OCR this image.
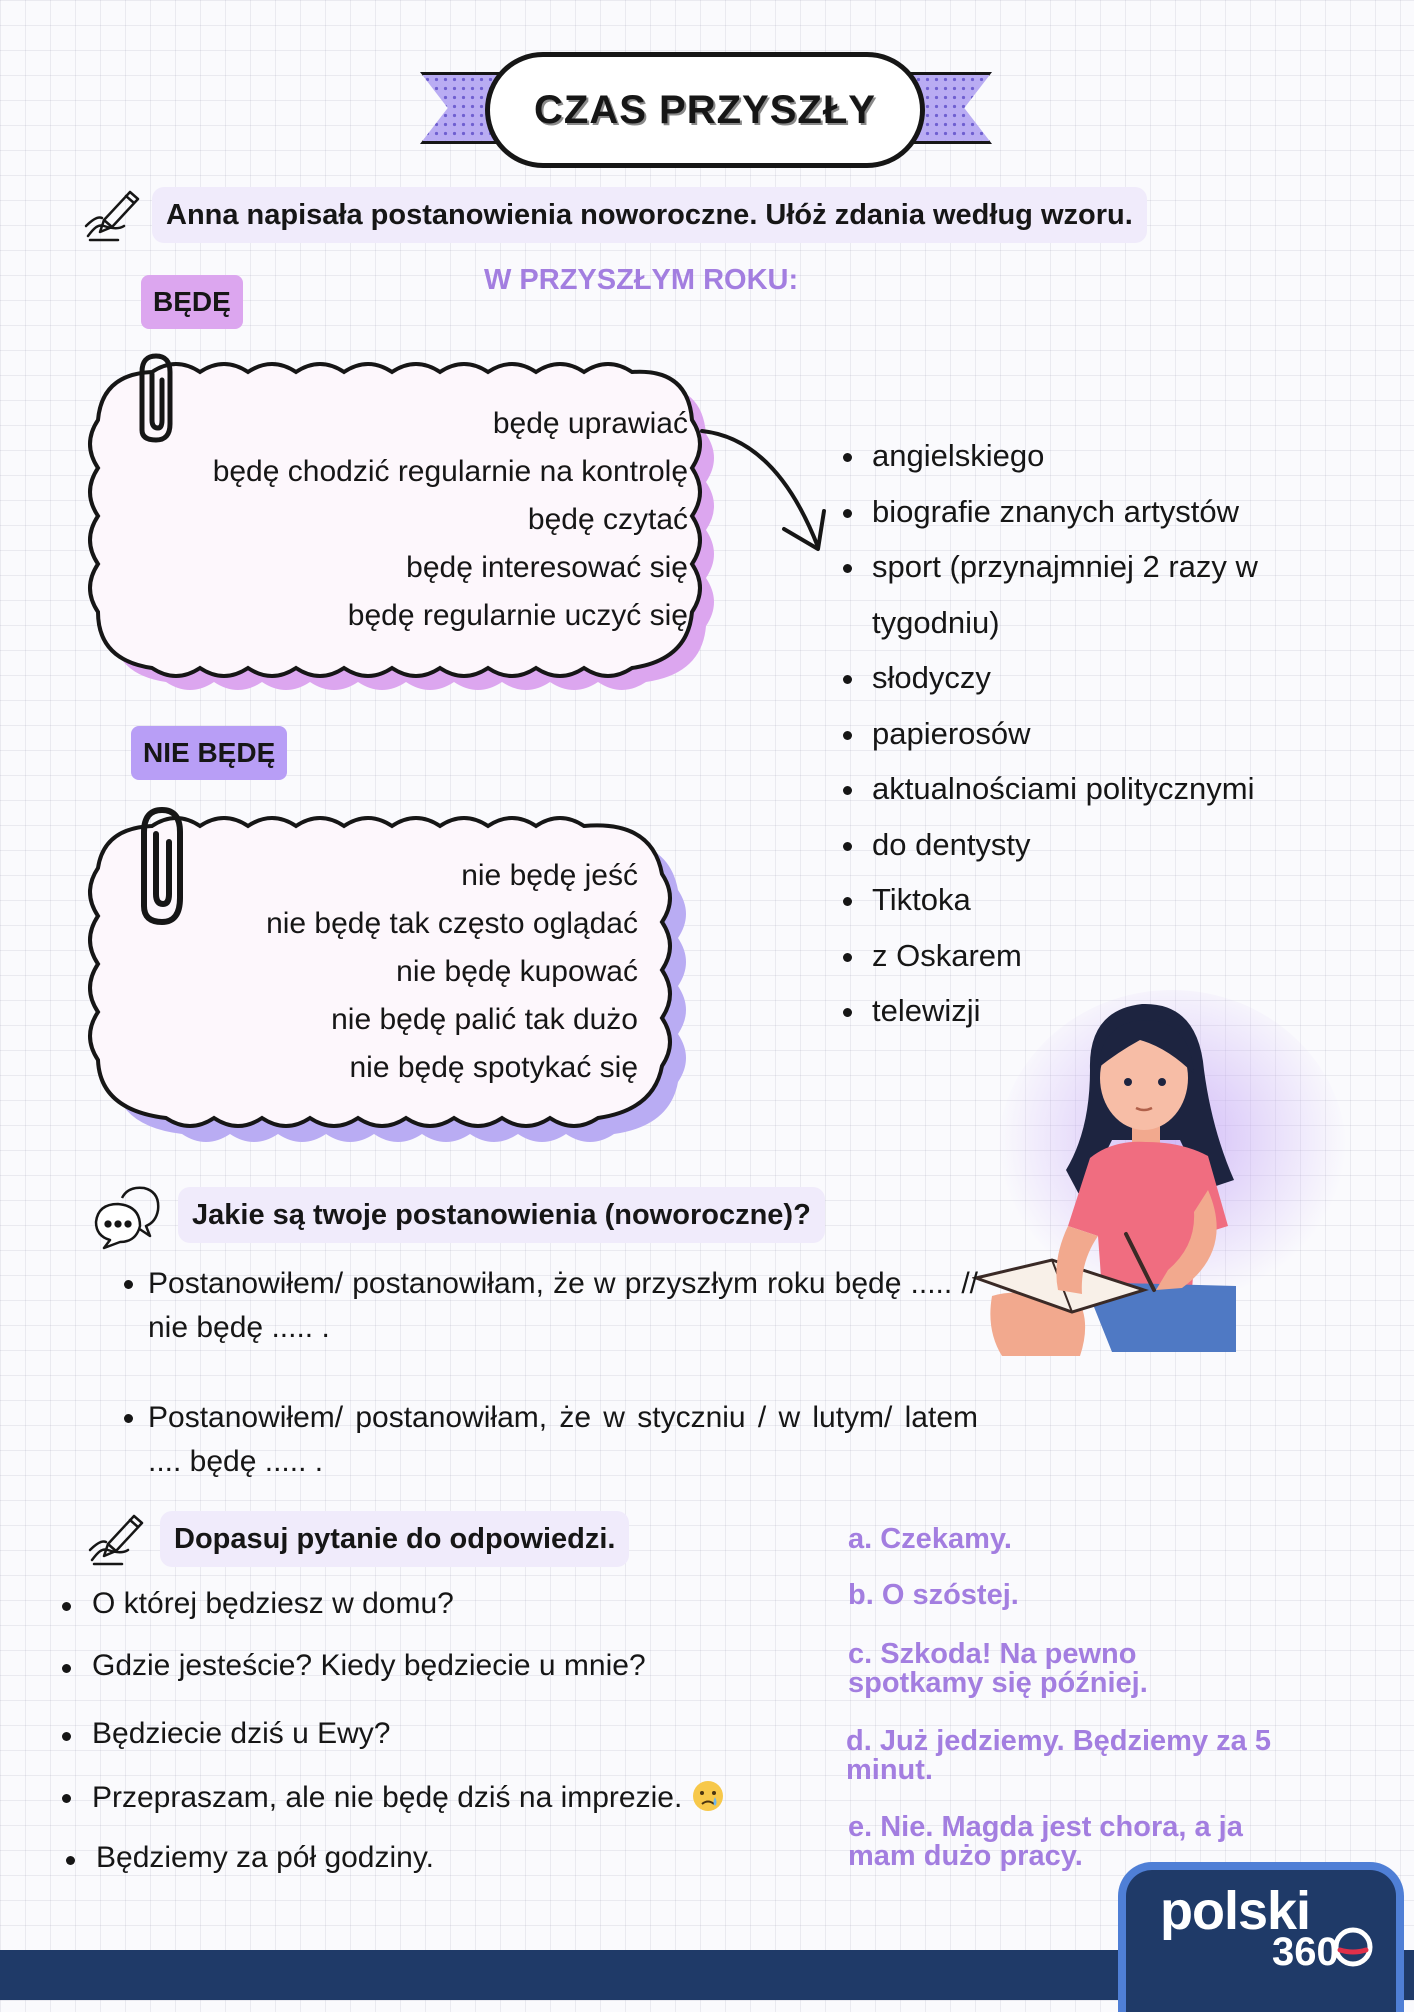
CZAS PRZYSZŁY
Anna napisała postanowienia noworoczne. Ułóż zdania według wzoru.
W PRZYSZŁYM ROKU:
BĘDĘ
będę uprawiać
będę chodzić regularnie na kontrolę
będę czytać
będę interesować się
będę regularnie uczyć się
• angielskiego
• biografie znanych artystów
• sport (przynajmniej 2 razy w tygodniu)
• słodyczy
• papierosów
• aktualnościami politycznymi
• do dentysty
• Tiktoka
• z Oskarem
• telewizji
NIE BĘDĘ
nie będę jeść
nie będę tak często oglądać
nie będę kupować
nie będę palić tak dużo
nie będę spotykać się
Jakie są twoje postanowienia (noworoczne)?
• Postanowiłem/ postanowiłam, że w przyszłym roku będę ..... // nie będę ..... .
• Postanowiłem/ postanowiłam, że w styczniu / w lutym/ latem .... będę ..... .
Dopasuj pytanie do odpowiedzi.
O której będziesz w domu?
Gdzie jesteście? Kiedy będziecie u mnie?
Będziecie dziś u Ewy?
Przepraszam, ale nie będę dziś na imprezie.
Będziemy za pół godziny.
a. Czekamy.
b. O szóstej.
c. Szkoda! Na pewno spotkamy się później.
d. Już jedziemy. Będziemy za 5 minut.
e. Nie. Magda jest chora, a ja mam dużo pracy.
polski
360
